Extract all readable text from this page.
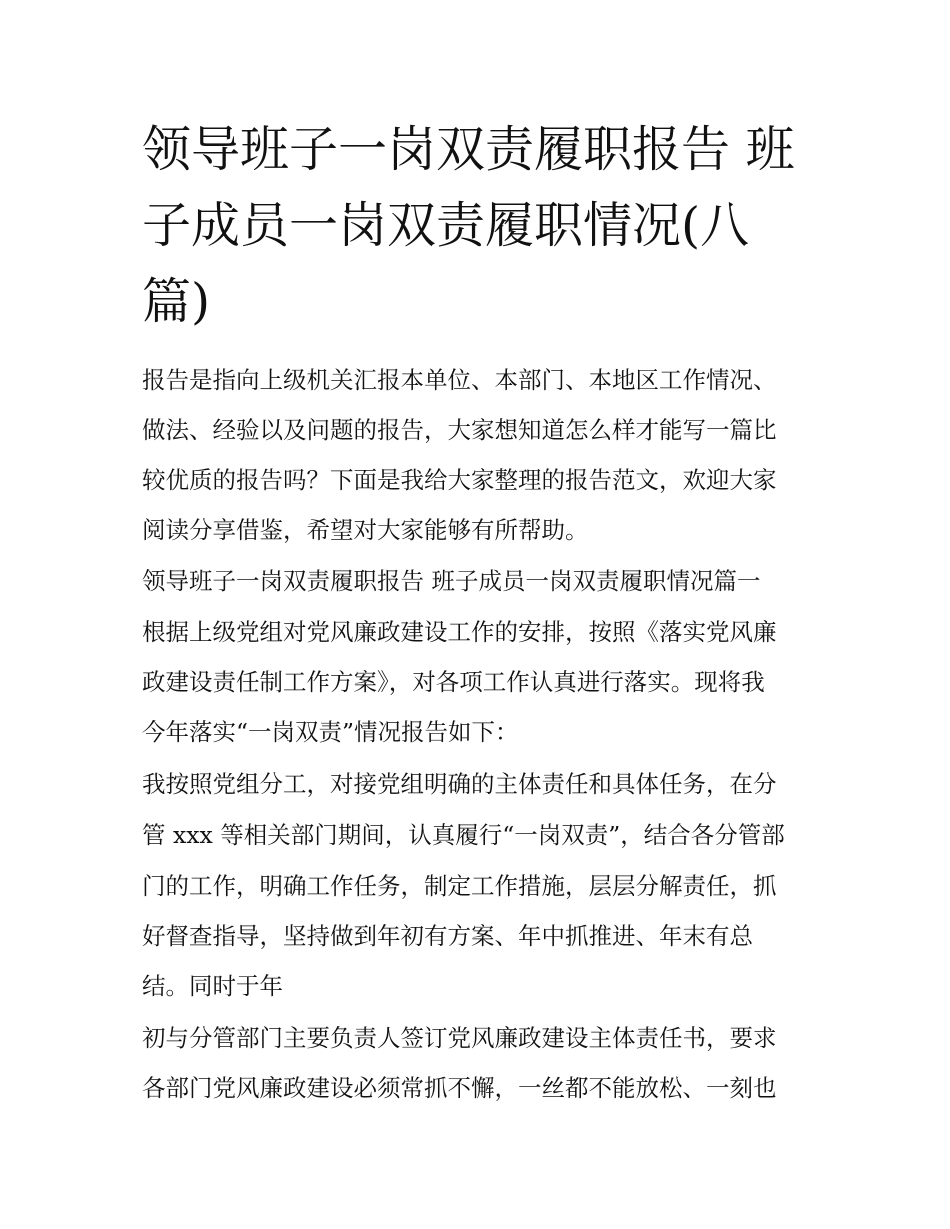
领导班子一岗双责履职报告 班
子成员一岗双责履职情况(八
篇)
报告是指向上级机关汇报本单位、本部门、本地区工作情况、
做法、经验以及问题的报告，大家想知道怎么样才能写一篇比
较优质的报告吗？下面是我给大家整理的报告范文，欢迎大家
阅读分享借鉴，希望对大家能够有所帮助。
领导班子一岗双责履职报告 班子成员一岗双责履职情况篇一
根据上级党组对党风廉政建设工作的安排，按照《落实党风廉
政建设责任制工作方案》，对各项工作认真进行落实。现将我
今年落实“一岗双责”情况报告如下：
我按照党组分工，对接党组明确的主体责任和具体任务，在分
管 xxx 等相关部门期间，认真履行“一岗双责”，结合各分管部
门的工作，明确工作任务，制定工作措施，层层分解责任，抓
好督查指导，坚持做到年初有方案、年中抓推进、年末有总
结。同时于年
初与分管部门主要负责人签订党风廉政建设主体责任书，要求
各部门党风廉政建设必须常抓不懈，一丝都不能放松、一刻也
